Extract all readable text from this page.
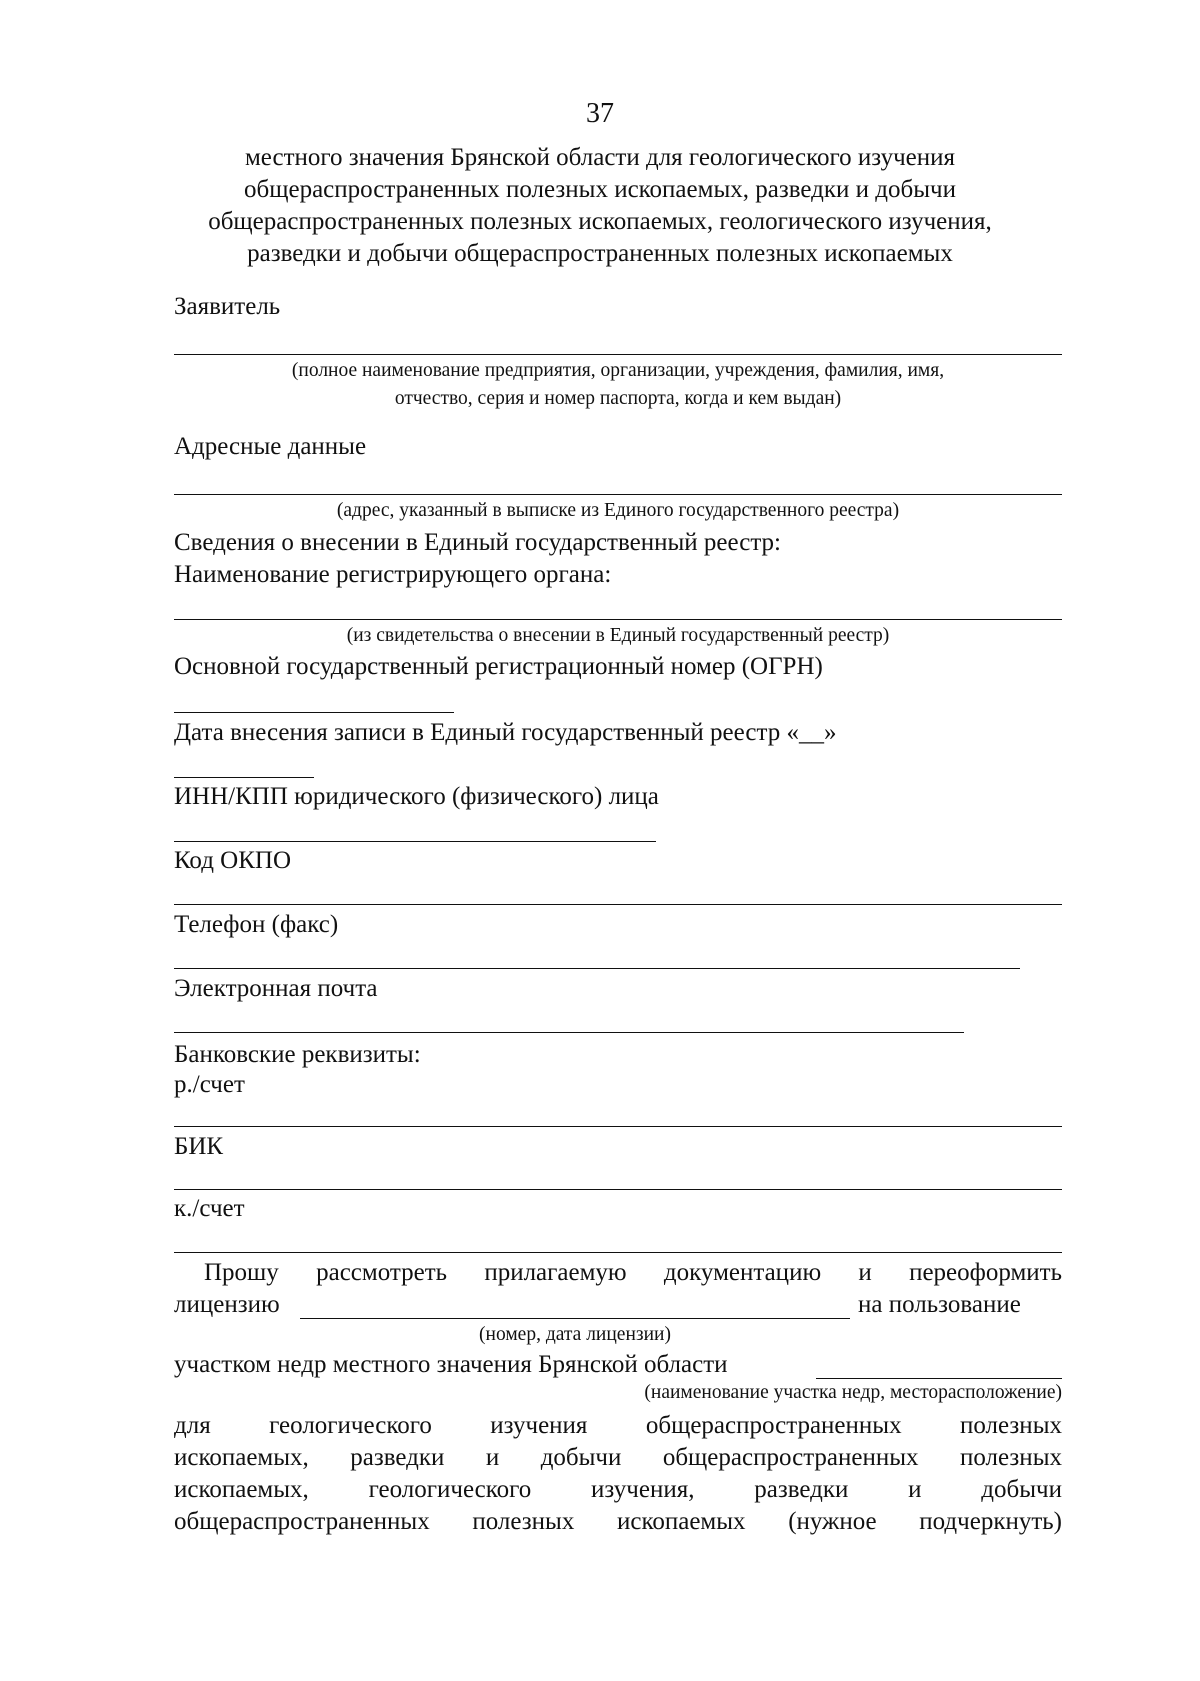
37
местного значения Брянской области для геологического изучения
общераспространенных полезных ископаемых, разведки и добычи
общераспространенных полезных ископаемых, геологического изучения,
разведки и добычи общераспространенных полезных ископаемых
Заявитель
(полное наименование предприятия, организации, учреждения, фамилия, имя,
отчество, серия и номер паспорта, когда и кем выдан)
Адресные данные
(адрес, указанный в выписке из Единого государственного реестра)
Сведения о внесении в Единый государственный реестр:
Наименование регистрирующего органа:
(из свидетельства о внесении в Единый государственный реестр)
Основной государственный регистрационный номер (ОГРН)
Дата внесения записи в Единый государственный реестр «__»
ИНН/КПП юридического (физического) лица
Код ОКПО
Телефон (факс)
Электронная почта
Банковские реквизиты:
р./счет
БИК
к./счет
Прошу рассмотреть прилагаемую документацию и переоформить
лицензию	на пользование
(номер, дата лицензии)
участком недр местного значения Брянской области
(наименование участка недр, месторасположение)
для геологического изучения общераспространенных полезных
ископаемых, разведки и добычи общераспространенных полезных
ископаемых, геологического изучения, разведки и добычи
общераспространенных полезных ископаемых (нужное подчеркнуть)
